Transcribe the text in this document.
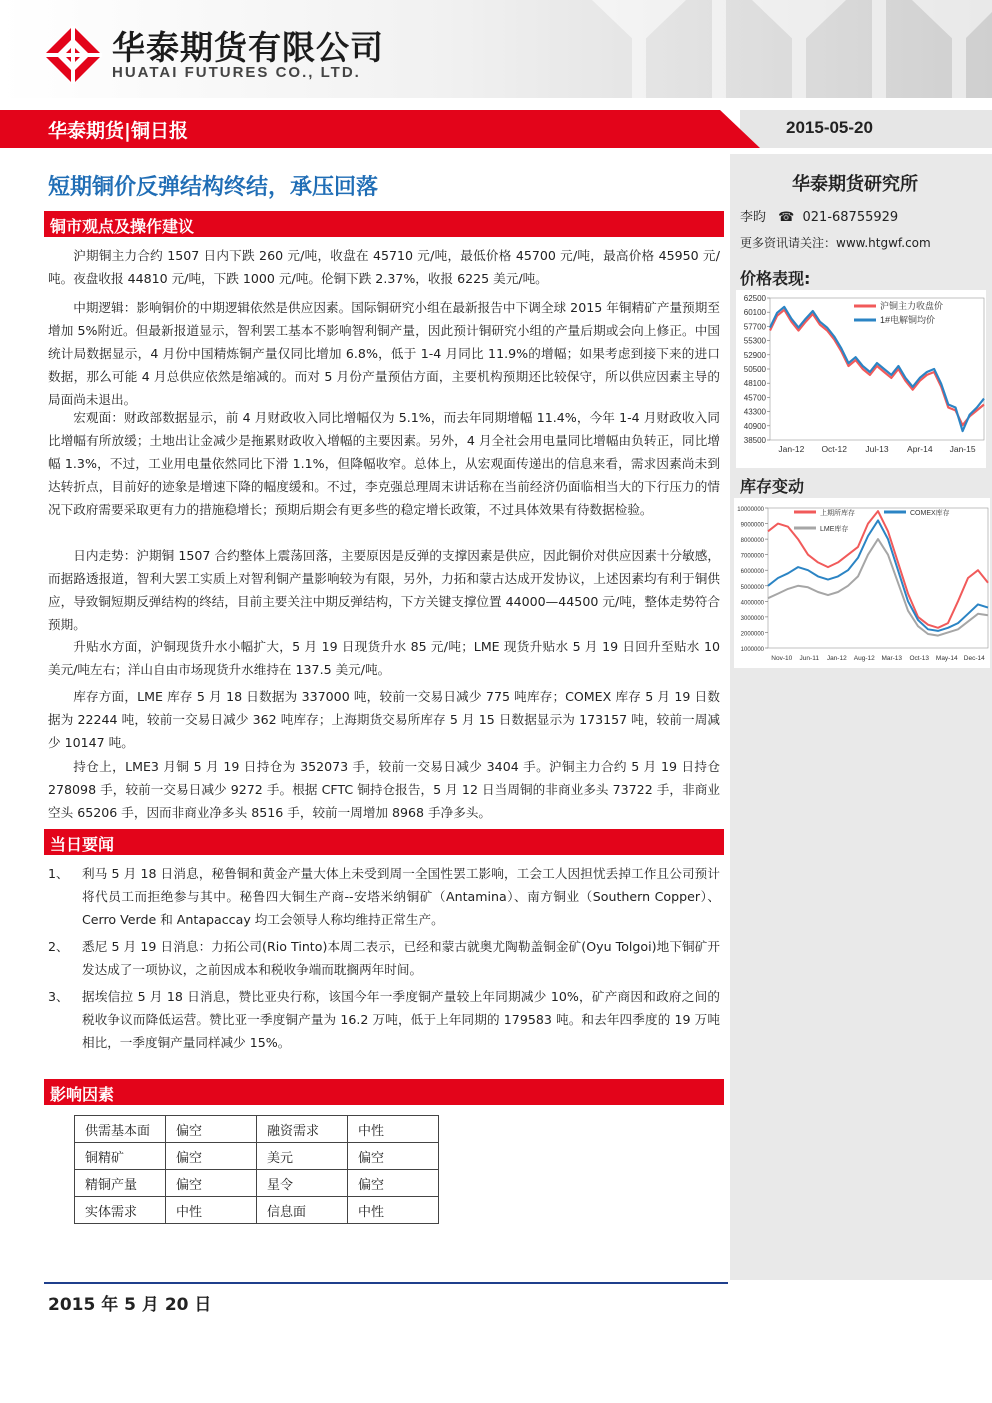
华泰期货有限公司
HUATAI FUTURES CO., LTD.
华泰期货|铜日报	2015-05-20
华泰期货研究所
李昀 ☎ 021-68755929
更多资讯请关注：www.htgwf.com
价格表现:
38500
40900
43300
45700
48100
50500
52900
55300
57700
60100
62500
Jan-12 Oct-12 Jul-13 Apr-14 Jan-15
沪铜主力收盘价
1#电解铜均价
库存变动
1000000
2000000
3000000
4000000
5000000
6000000
7000000
8000000
9000000
10000000
Nov-10 Jun-11 Jan-12 Aug-12 Mar-13 Oct-13 May-14 Dec-14
上期所库存	COMEX库存
LME库存
短期铜价反弹结构终结，承压回落
铜市观点及操作建议
沪期铜主力合约 1507 日内下跌 260 元/吨，收盘在 45710 元/吨，最低价格 45700 元/吨，最高价格 45950 元/吨。夜盘收报 44810 元/吨，下跌 1000 元/吨。伦铜下跌 2.37%，收报 6225 美元/吨。
中期逻辑：影响铜价的中期逻辑依然是供应因素。国际铜研究小组在最新报告中下调全球 2015 年铜精矿产量预期至增加 5%附近。但最新报道显示，智利罢工基本不影响智利铜产量，因此预计铜研究小组的产量后期或会向上修正。中国统计局数据显示，4 月份中国精炼铜产量仅同比增加 6.8%，低于 1-4 月同比 11.9%的增幅；如果考虑到接下来的进口数据，那么可能 4 月总供应依然是缩减的。而对 5 月份产量预估方面，主要机构预期还比较保守，所以供应因素主导的局面尚未退出。
宏观面：财政部数据显示，前 4 月财政收入同比增幅仅为 5.1%，而去年同期增幅 11.4%，今年 1-4 月财政收入同比增幅有所放缓；土地出让金减少是拖累财政收入增幅的主要因素。另外，4 月全社会用电量同比增幅由负转正，同比增幅 1.3%，不过，工业用电量依然同比下滑 1.1%，但降幅收窄。总体上，从宏观面传递出的信息来看，需求因素尚未到达转折点，目前好的迹象是增速下降的幅度缓和。不过，李克强总理周末讲话称在当前经济仍面临相当大的下行压力的情况下政府需要采取更有力的措施稳增长；预期后期会有更多些的稳定增长政策，不过具体效果有待数据检验。
日内走势：沪期铜 1507 合约整体上震荡回落，主要原因是反弹的支撑因素是供应，因此铜价对供应因素十分敏感，而据路透报道，智利大罢工实质上对智利铜产量影响较为有限，另外，力拓和蒙古达成开发协议，上述因素均有利于铜供应，导致铜短期反弹结构的终结，目前主要关注中期反弹结构，下方关键支撑位置 44000—44500 元/吨，整体走势符合预期。
升贴水方面，沪铜现货升水小幅扩大，5 月 19 日现货升水 85 元/吨；LME 现货升贴水 5 月 19 日回升至贴水 10 美元/吨左右；洋山自由市场现货升水维持在 137.5 美元/吨。
库存方面，LME 库存 5 月 18 日数据为 337000 吨，较前一交易日减少 775 吨库存；COMEX 库存 5 月 19 日数据为 22244 吨，较前一交易日减少 362 吨库存；上海期货交易所库存 5 月 15 日数据显示为 173157 吨，较前一周减少 10147 吨。
持仓上，LME3 月铜 5 月 19 日持仓为 352073 手，较前一交易日减少 3404 手。沪铜主力合约 5 月 19 日持仓 278098 手，较前一交易日减少 9272 手。根据 CFTC 铜持仓报告，5 月 12 日当周铜的非商业多头 73722 手，非商业空头 65206 手，因而非商业净多头 8516 手，较前一周增加 8968 手净多头。
当日要闻
1、 利马 5 月 18 日消息，秘鲁铜和黄金产量大体上未受到周一全国性罢工影响，工会工人因担忧丢掉工作且公司预计将代员工而拒绝参与其中。秘鲁四大铜生产商--安塔米纳铜矿（Antamina）、南方铜业（Southern Copper）、Cerro Verde 和 Antapaccay 均工会领导人称均维持正常生产。
2、 悉尼 5 月 19 日消息：力拓公司(Rio Tinto)本周二表示，已经和蒙古就奥尤陶勒盖铜金矿(Oyu Tolgoi)地下铜矿开发达成了一项协议，之前因成本和税收争端而耽搁两年时间。
3、 据埃信拉 5 月 18 日消息，赞比亚央行称，该国今年一季度铜产量较上年同期减少 10%，矿产商因和政府之间的税收争议而降低运营。赞比亚一季度铜产量为 16.2 万吨，低于上年同期的 179583 吨。和去年四季度的 19 万吨相比，一季度铜产量同样减少 15%。
影响因素
供需基本面	偏空	融资需求	中性
铜精矿	偏空	美元	偏空
精铜产量	偏空	星令	偏空
实体需求	中性	信息面	中性
2015 年 5 月 20 日
